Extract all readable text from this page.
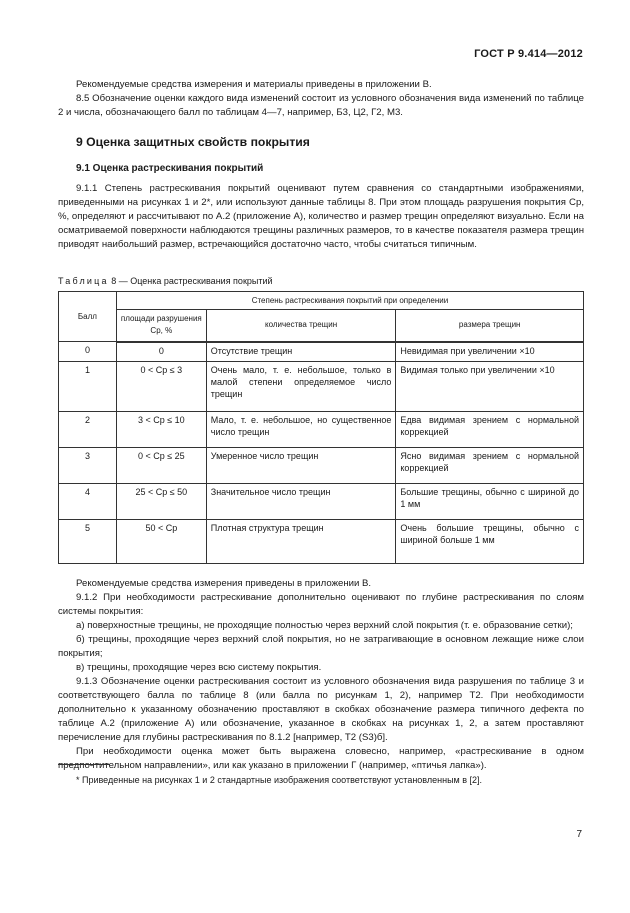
ГОСТ Р 9.414—2012

Рекомендуемые средства измерения и материалы приведены в приложении В.

8.5 Обозначение оценки каждого вида изменений состоит из условного обозначения вида изменений по таблице 2 и числа, обозначающего балл по таблицам 4—7, например, Б3, Ц2, Г2, М3.

9 Оценка защитных свойств покрытия
9.1 Оценка растрескивания покрытий

9.1.1 Степень растрескивания покрытий оценивают путем сравнения со стандартными изображениями, приведенными на рисунках 1 и 2*, или используют данные таблицы 8. При этом площадь разрушения покрытия Cр, %, определяют и рассчитывают по А.2 (приложение А), количество и размер трещин определяют визуально. Если на осматриваемой поверхности наблюдаются трещины различных размеров, то в качестве показателя размера трещин приводят наибольший размер, встречающийся достаточно часто, чтобы считаться типичным.

Таблица 8 — Оценка растрескивания покрытий
Балл	Степень растрескивания покрытий при определении		
	площади разрушения Cр, %	количества трещин	размера трещин
0	0	Отсутствие трещин	Невидимая при увеличении ×10
1	0 < Cр ≤ 3	Очень мало, т. е. небольшое, только в малой степени определяемое число трещин	Видимая только при увеличении ×10
2	3 < Cр ≤ 10	Мало, т. е. небольшое, но существенное число трещин	Едва видимая зрением с нормальной коррекцией
3	0 < Cр ≤ 25	Умеренное число трещин	Ясно видимая зрением с нормальной коррекцией
4	25 < Cр ≤ 50	Значительное число трещин	Большие трещины, обычно с шириной до 1 мм
5	50 < Cр	Плотная структура трещин	Очень большие трещины, обычно с шириной больше 1 мм

Рекомендуемые средства измерения приведены в приложении В.

9.1.2 При необходимости растрескивание дополнительно оценивают по глубине растрескивания по слоям системы покрытия:

а) поверхностные трещины, не проходящие полностью через верхний слой покрытия (т. е. образование сетки);

б) трещины, проходящие через верхний слой покрытия, но не затрагивающие в основном лежащие ниже слои покрытия;

в) трещины, проходящие через всю систему покрытия.

9.1.3 Обозначение оценки растрескивания состоит из условного обозначения вида разрушения по таблице 3 и соответствующего балла по таблице 8 (или балла по рисункам 1, 2), например Т2. При необходимости дополнительно к указанному обозначению проставляют в скобках обозначение размера типичного дефекта по таблице А.2 (приложение А) или обозначение, указанное в скобках на рисунках 1, 2, а затем проставляют перечисление для глубины растрескивания по 8.1.2 [например, Т2 (S3)б].

При необходимости оценка может быть выражена словесно, например, «растрескивание в одном предпочтительном направлении», или как указано в приложении Г (например, «птичья лапка»).

* Приведенные на рисунках 1 и 2 стандартные изображения соответствуют установленным в [2].
7
